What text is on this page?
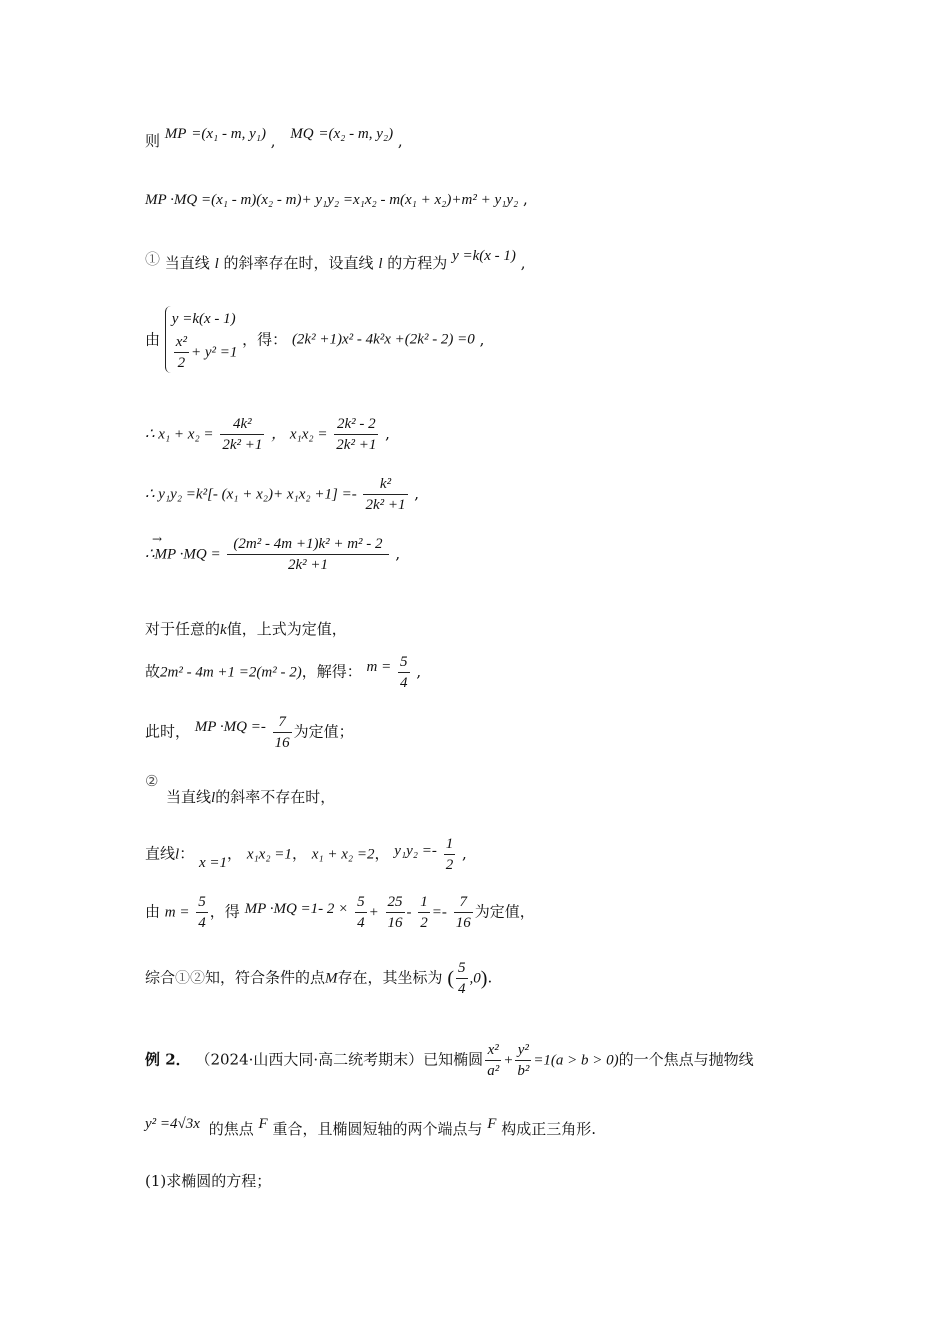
则 MP =(x₁ - m, y₁) , MQ =(x₂ - m, y₂) ,
MP ·MQ =(x₁ - m)(x₂ - m)+ y₁y₂ =x₁x₂ - m(x₁ + x₂)+m² + y₁y₂ ,
① 当直线 l 的斜率存在时，设直线 l 的方程为 y =k(x - 1) ,
由
y =k(x - 1)
$\frac{\text{x²}}{2} + y^2 =1$
，得： (2k² +1)x² - 4k²x +(2k² - 2) =0 ,
∴ $x_1 + x_2 = \frac{\text{4k²}}{\text{2k² +1}}$ ， $x_1x_2 = \frac{\text{2k² - 2}}{\text{2k² +1}}$ ,
∴ y₁y₂ =k²[- $(x_1 + x_2)+ x_1x_2 +1] =- \frac{\text{k²}}{\text{2k² +1}}$ ,
→
∴MP $\cdot MQ = \frac{\text{(2m² - 4m +1)k² + m² - 2}}{\text{2k² +1}}$ ,
对于任意的k值，上式为定值，
故2m² - 4m +1 =2(m² - 2)，解得： $m = \frac{5}{4}$ ,
此时， MP $\cdot MQ =- \frac{7}{16}$ 为定值；
②
当直线l的斜率不存在时，
直线l： x =1， x₁x₂ =1， x₁ + x₂ =2， $y_1y_2 =- \frac{1}{2}$ ,
由 $m = \frac{5}{4}$ ，得 MP ·MQ =1- $2 \times \frac{5}{4} + \frac{25}{16} - \frac{1}{2} =- \frac{7}{16}$ 为定值，
综合①②知，符合条件的点M存在，其坐标为 ( $\frac{5}{4} ,0$).
例 2． （2024·山西大同·高二统考期末）已知椭圆 $\frac{\text{x²}}{\text{a²}} + \frac{\text{y²}}{\text{b²}} =1(a > b > 0)$的一个焦点与抛物线
y² =4√3x 的焦点 F 重合，且椭圆短轴的两个端点与 F 构成正三角形.
(1)求椭圆的方程；
